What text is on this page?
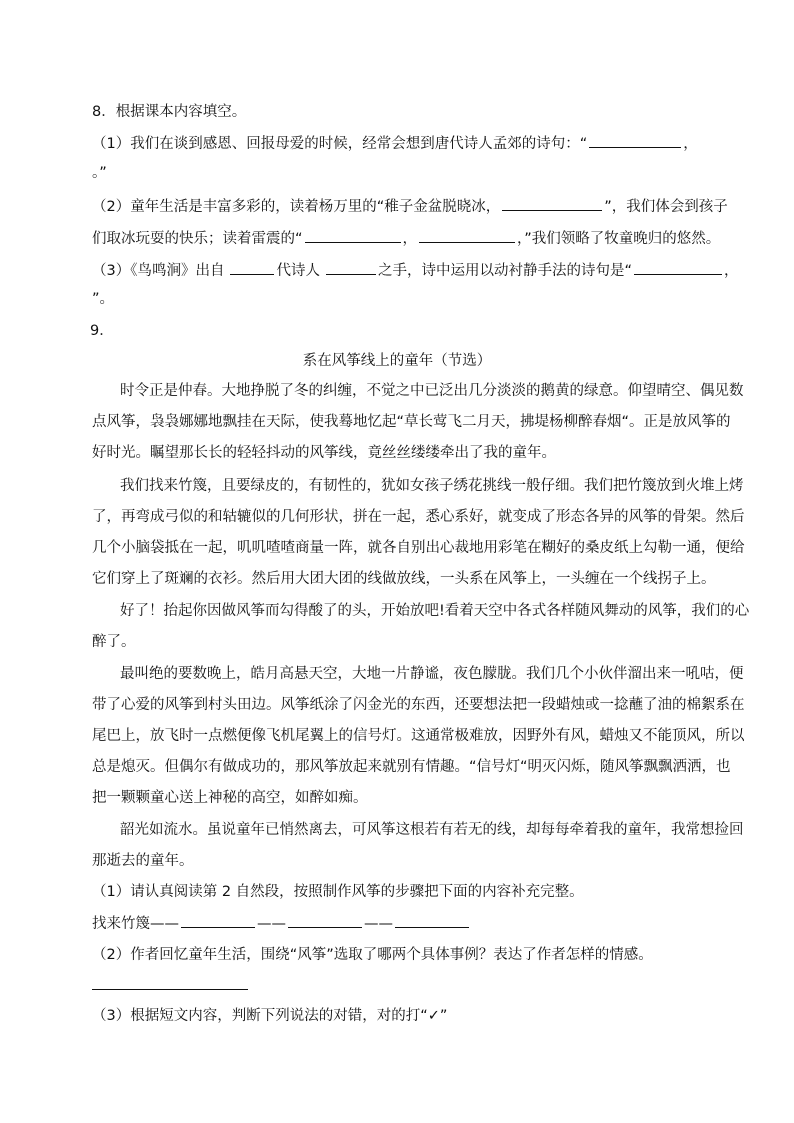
8．根据课本内容填空。
（1）我们在谈到感恩、回报母爱的时候，经常会想到唐代诗人孟郊的诗句：“	，
。”
（2）童年生活是丰富多彩的，读着杨万里的“稚子金盆脱晓冰，	”，我们体会到孩子
们取冰玩耍的快乐；读着雷震的“	，	，”我们领略了牧童晚归的悠然。
（3）《鸟鸣涧》出自	代诗人	之手，诗中运用以动衬静手法的诗句是“	，
”。
9．
系在风筝线上的童年（节选）
时令正是仲春。大地挣脱了冬的纠缠，不觉之中已泛出几分淡淡的鹅黄的绿意。仰望晴空、偶见数
点风筝，袅袅娜娜地飘挂在天际，使我蓦地忆起“草长莺飞二月天，拂堤杨柳醉春烟“。正是放风筝的
好时光。瞩望那长长的轻轻抖动的风筝线，竟丝丝缕缕牵出了我的童年。
我们找来竹篾，且要绿皮的，有韧性的，犹如女孩子绣花挑线一般仔细。我们把竹篾放到火堆上烤
了，再弯成弓似的和轱辘似的几何形状，拼在一起，悉心系好，就变成了形态各异的风筝的骨架。然后
几个小脑袋抵在一起，叽叽喳喳商量一阵，就各自别出心裁地用彩笔在糊好的桑皮纸上勾勒一通，便给
它们穿上了斑斓的衣衫。然后用大团大团的线做放线，一头系在风筝上，一头缠在一个线拐子上。
好了！抬起你因做风筝而勾得酸了的头，开始放吧!看着天空中各式各样随风舞动的风筝，我们的心
醉了。
最叫绝的要数晚上，皓月高悬天空，大地一片静谧，夜色朦胧。我们几个小伙伴溜出来一吼咕，便
带了心爱的风筝到村头田边。风筝纸涂了闪金光的东西，还要想法把一段蜡烛或一捻蘸了油的棉絮系在
尾巴上，放飞时一点燃便像飞机尾翼上的信号灯。这通常极难放，因野外有风，蜡烛又不能顶风，所以
总是熄灭。但偶尔有做成功的，那风筝放起来就别有情趣。“信号灯“明灭闪烁，随风筝飘飘洒洒，也
把一颗颗童心送上神秘的高空，如醉如痴。
韶光如流水。虽说童年已悄然离去，可风筝这根若有若无的线，却每每牵着我的童年，我常想捡回
那逝去的童年。
（1）请认真阅读第 2 自然段，按照制作风筝的步骤把下面的内容补充完整。
找来竹篾——	——	——
（2）作者回忆童年生活，围绕“风筝”选取了哪两个具体事例？表达了作者怎样的情感。
（3）根据短文内容，判断下列说法的对错，对的打“✓”
